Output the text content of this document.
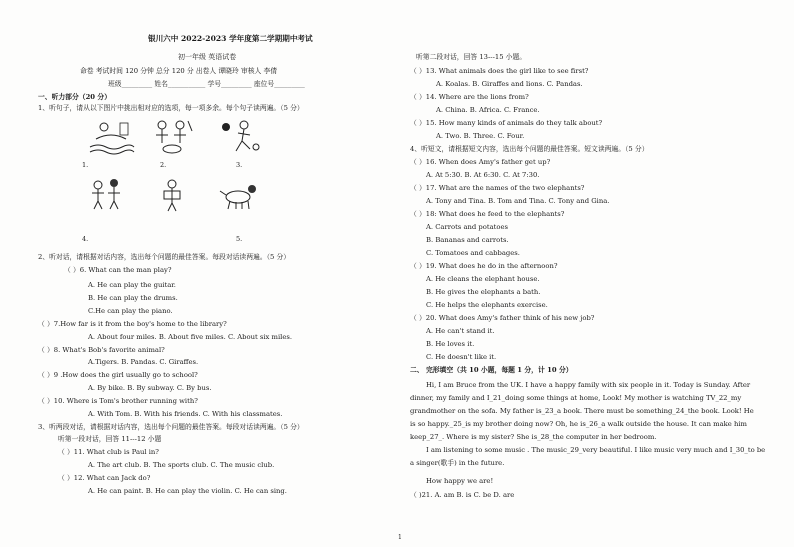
银川六中 2022-2023 学年度第二学期期中考试
初一年级 英语试卷
命卷 考试时间 120 分钟 总分 120 分 出卷人 谭晓玲 审核人 李倩
班级_________ 姓名___________ 学号_________ 座位号_________
一、听力部分（20 分）
1、听句子，请从以下图片中挑出相对应的选项，每一项多余。每个句子读两遍。（5 分）
1.	2.	3.
4.	5.
2、听对话，请根据对话内容，选出每个问题的最佳答案。每段对话读两遍。（5 分）
（ ）6. What can the man play?
A. He can play the guitar.
B. He can play the drums.
C.He can play the piano.
（ ）7.How far is it from the boy's home to the library?
A. About four miles. B. About five miles. C. About six miles.
（ ）8. What's Bob's favorite animal?
A.Tigers. B. Pandas. C. Giraffes.
（ ）9 .How does the girl usually go to school?
A. By bike. B. By subway. C. By bus.
（ ）10. Where is Tom's brother running with?
A. With Tom. B. With his friends. C. With his classmates.
3、听两段对话，请根据对话内容，选出每个问题的最佳答案。每段对话读两遍。（5 分）
听第一段对话，回答 11---12 小题
（ ）11. What club is Paul in?
A. The art club. B. The sports club. C. The music club.
（ ）12. What can Jack do?
A. He can paint. B. He can play the violin. C. He can sing.
听第二段对话，回答 13---15 小题。
（ ）13. What animals does the girl like to see first?
A. Koalas. B. Giraffes and lions. C. Pandas.
（ ）14. Where are the lions from?
A. China. B. Africa. C. France.
（ ）15. How many kinds of animals do they talk about?
A. Two. B. Three. C. Four.
4、听短文，请根据短文内容，选出每个问题的最佳答案。短文读两遍。（5 分）
（ ）16. When does Amy's father get up?
A. At 5:30. B. At 6:30. C. At 7:30.
（ ）17. What are the names of the two elephants?
A. Tony and Tina. B. Tom and Tina. C. Tony and Gina.
（ ）18: What does he feed to the elephants?
A. Carrots and potatoes
B. Bananas and carrots.
C. Tomatoes and cabbages.
（ ）19. What does he do in the afternoon?
A. He cleans the elephant house.
B. He gives the elephants a bath.
C. He helps the elephants exercise.
（ ）20. What does Amy's father think of his new job?
A. He can't stand it.
B. He loves it.
C. He doesn't like it.
二、 完形填空（共 10 小题，每题 1 分，计 10 分）
Hi, I am Bruce from the UK. I have a happy family with six people in it. Today is Sunday. After
dinner, my family and I_21_doing some things at home, Look! My mother is watching TV_22_my
grandmother on the sofa. My father is_23_a book. There must be something_24_the book. Look! He
is so happy._25_is my brother doing now? Oh, he is_26_a walk outside the house. It can make him
keep_27_. Where is my sister? She is_28_the computer in her bedroom.
I am listening to some music . The music_29_very beautiful. I like music very much and I_30_to be
a singer(歌手) in the future.
How happy we are!
（ )21. A. am B. is C. be D. are
1
